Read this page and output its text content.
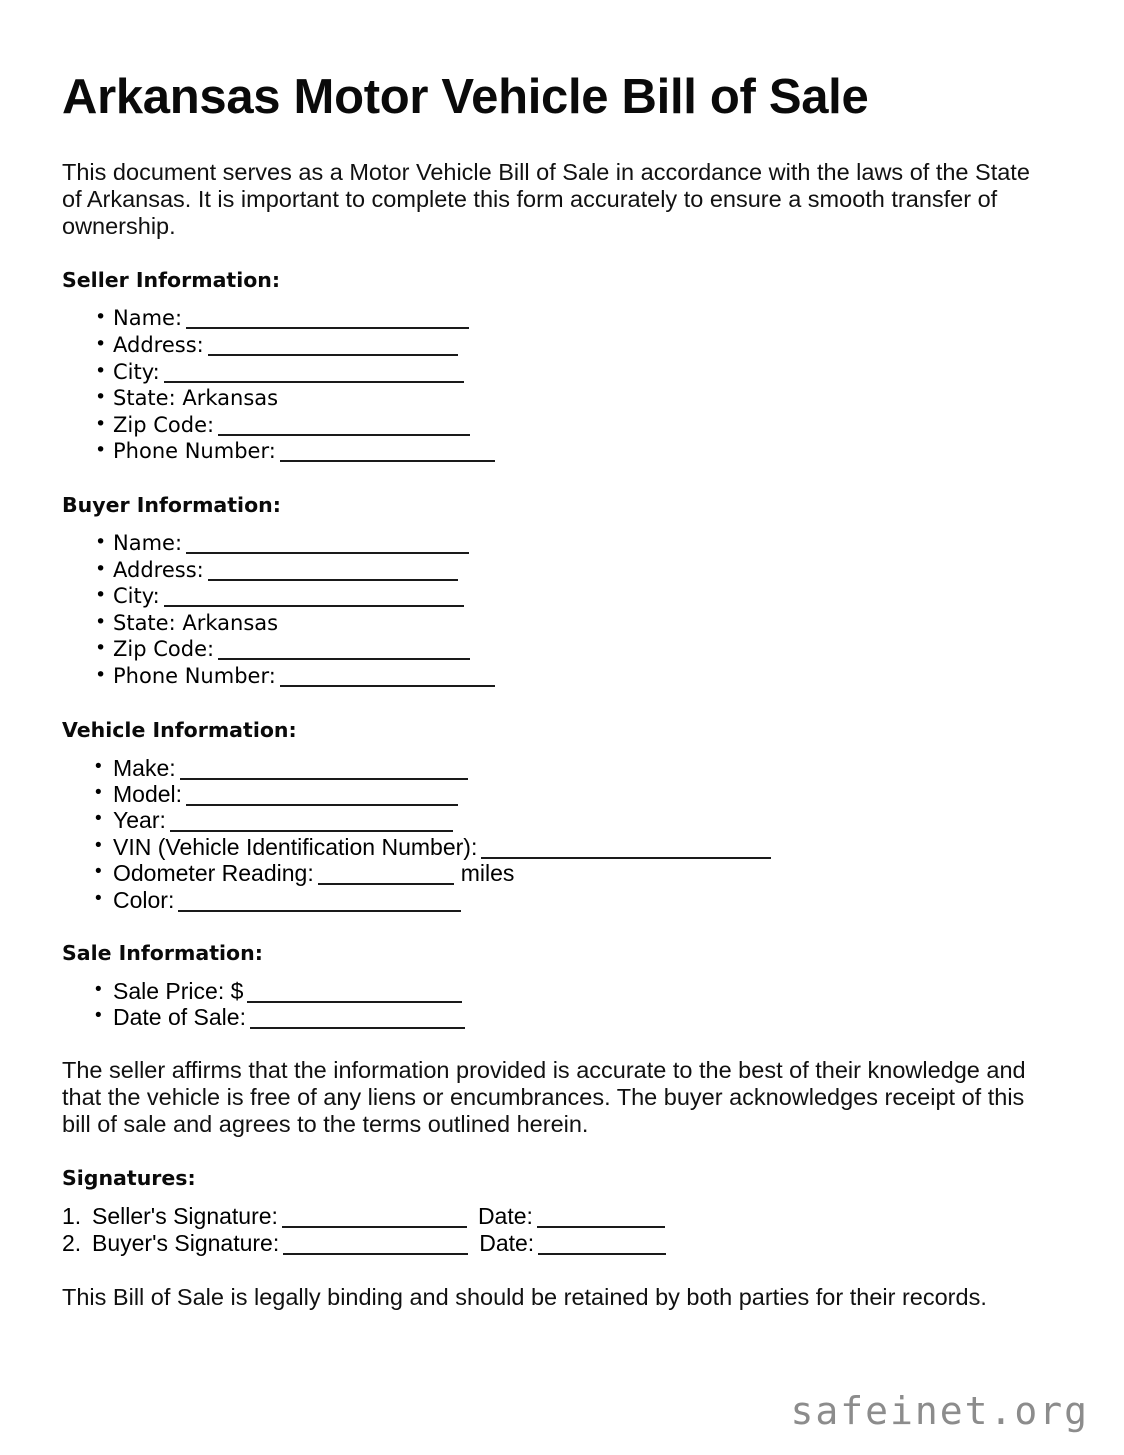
Arkansas Motor Vehicle Bill of Sale

This document serves as a Motor Vehicle Bill of Sale in accordance with the laws of the State of Arkansas. It is important to complete this form accurately to ensure a smooth transfer of ownership.

Seller Information:
• Name:
• Address:
• City:
• State: Arkansas
• Zip Code:
• Phone Number:
Buyer Information:
• Name:
• Address:
• City:
• State: Arkansas
• Zip Code:
• Phone Number:
Vehicle Information:
• Make:
• Model:
• Year:
• VIN (Vehicle Identification Number):
• Odometer Reading:	miles
• Color:
Sale Information:
• Sale Price: $
• Date of Sale:

The seller affirms that the information provided is accurate to the best of their knowledge and that the vehicle is free of any liens or encumbrances. The buyer acknowledges receipt of this bill of sale and agrees to the terms outlined herein.

Signatures:
Seller's Signature:	Date:
Buyer's Signature:	Date:

This Bill of Sale is legally binding and should be retained by both parties for their records.

safeinet.org
